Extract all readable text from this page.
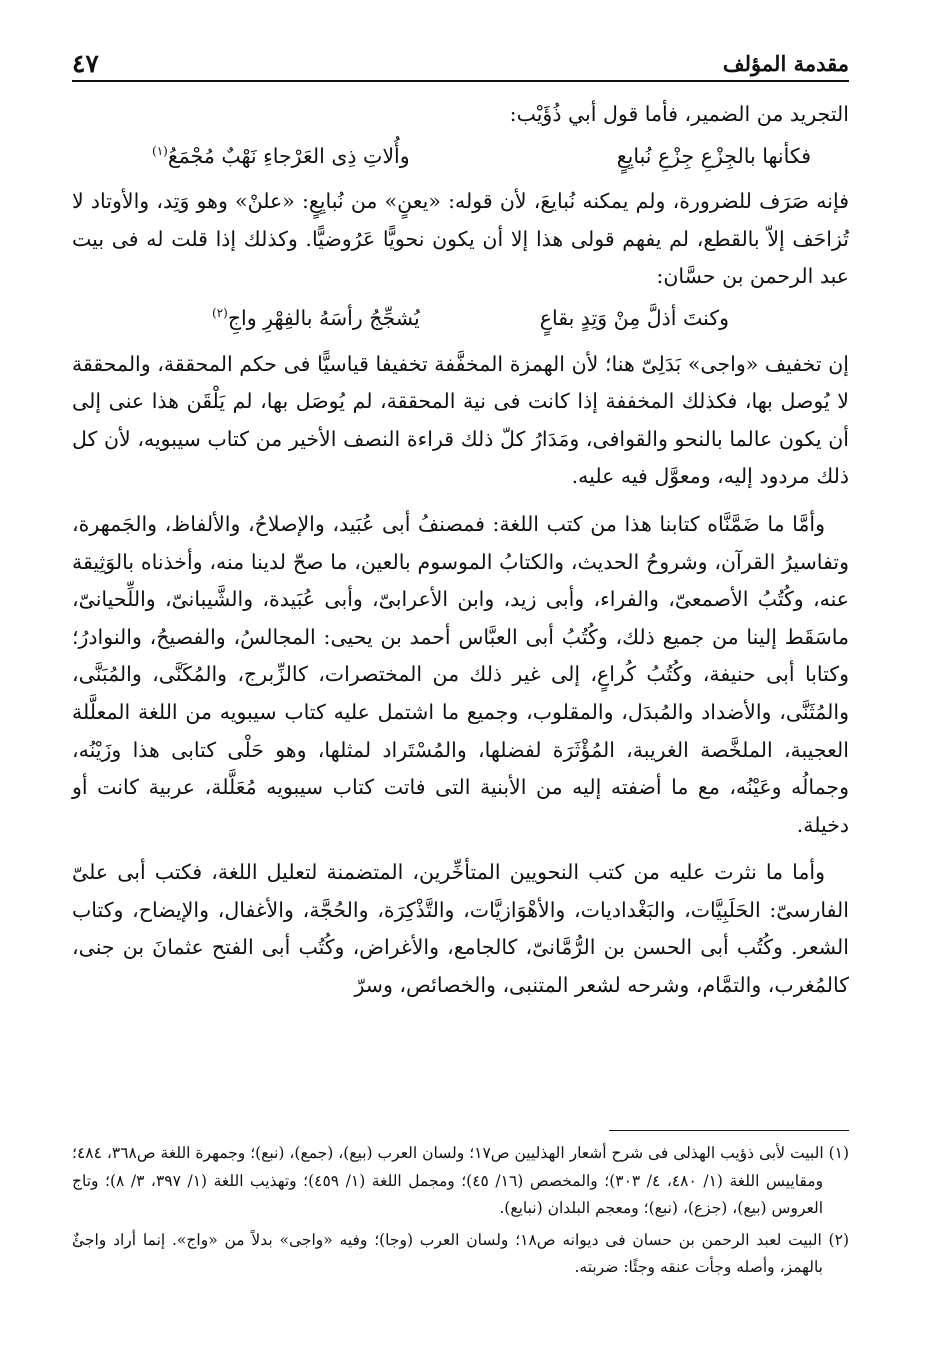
مقدمة المؤلف
٤٧

التجريد من الضمير، فأما قول أبي ذُؤَيْب:

فكأنها بالجِزْعِ جِزْعِ نُبايِعٍ
وأُلاتِ ذِى العَرْجاءِ نَهْبٌ مُجْمَعُ$^{(١)}$

فإنه صَرَف للضرورة، ولم يمكنه نُبايعَ، لأن قوله: «يعنٍ» من نُبايِعٍ: «علنْ» وهو وَتِد، والأوتاد لا تُزاحَف إلاّ بالقطع، لم يفهم قولى هذا إلا أن يكون نحويًّا عَرُوضيًّا. وكذلك إذا قلت له فى بيت عبد الرحمن بن حسَّان:

وكنتَ أذلَّ مِنْ وَتِدٍ بقاعٍ
يُشجِّجُ رأسَهُ بالفِهْرِ واجِ$^{(٢)}$

إن تخفيف «واجى» بَدَلِىّ هنا؛ لأن الهمزة المخفَّفة تخفيفا قياسيًّا فى حكم المحققة، والمحققة لا يُوصل بها، فكذلك المخففة إذا كانت فى نية المحققة، لم يُوصَل بها، لم يَلْقَن هذا عنى إلى أن يكون عالما بالنحو والقوافى، ومَدَارُ كلّ ذلك قراءة النصف الأخير من كتاب سيبويه، لأن كل ذلك مردود إليه، ومعوَّل فيه عليه.

وأمَّا ما ضَمَّنَّاه كتابنا هذا من كتب اللغة: فمصنفُ أبى عُبَيد، والإصلاحُ، والألفاظ، والجَمهرة، وتفاسيرُ القرآن، وشروحُ الحديث، والكتابُ الموسوم بالعين، ما صحّ لدينا منه، وأخذناه بالوَثِيقة عنه، وكُتُبُ الأصمعىّ، والفراء، وأبى زيد، وابن الأعرابىّ، وأبى عُبَيدة، والشَّيبانىّ، واللِّحيانىّ، ماسَقَط إلينا من جميع ذلك، وكُتُبُ أبى العبَّاس أحمد بن يحيى: المجالسُ، والفصيحُ، والنوادرُ؛ وكتابا أبى حنيفة، وكُتُبُ كُراعٍ، إلى غير ذلك من المختصرات، كالزِّبرج، والمُكَنَّى، والمُبَنَّى، والمُثَنَّى، والأضداد والمُبدَل، والمقلوب، وجميع ما اشتمل عليه كتاب سيبويه من اللغة المعلَّلة العجيبة، الملخَّصة الغريبة، المُؤْثَرَة لفضلها، والمُسْتَراد لمثلها، وهو حَلْى كتابى هذا وزَيْنُه، وجمالُه وعَيْنُه، مع ما أضفته إليه من الأبنية التى فاتت كتاب سيبويه مُعَلَّلة، عربية كانت أو دخيلة.

وأما ما نثرت عليه من كتب النحويين المتأخِّرين، المتضمنة لتعليل اللغة، فكتب أبى علىّ الفارسىّ: الحَلَبِيَّات، والبَغْداديات، والأهْوَازيَّات، والتَّذْكِرَة، والحُجَّة، والأغفال، والإيضاح، وكتاب الشعر. وكُتُب أبى الحسن بن الرُّمَّانىّ، كالجامع، والأغراض، وكُتُب أبى الفتح عثمانَ بن جنى، كالمُغرب، والتمَّام، وشرحه لشعر المتنبى، والخصائص، وسرّ

(١) البيت لأبى ذؤيب الهذلى فى شرح أشعار الهذليين ص١٧؛ ولسان العرب (بيع)، (جمع)، (نبع)؛ وجمهرة اللغة ص٣٦٨، ٤٨٤؛ ومقاييس اللغة (١/ ٤٨٠، ٤/ ٣٠٣)؛ والمخصص (١٦/ ٤٥)؛ ومجمل اللغة (١/ ٤٥٩)؛ وتهذيب اللغة (١/ ٣٩٧، ٣/ ٨)؛ وتاج العروس (بيع)، (جزع)، (نبع)؛ ومعجم البلدان (نبايع).

(٢) البيت لعبد الرحمن بن حسان فى ديوانه ص١٨؛ ولسان العرب (وجا)؛ وفيه «واجى» بدلاً من «واج». إنما أراد واجئٌ بالهمز، وأصله وجأت عنقه وجئًا: ضربته.
